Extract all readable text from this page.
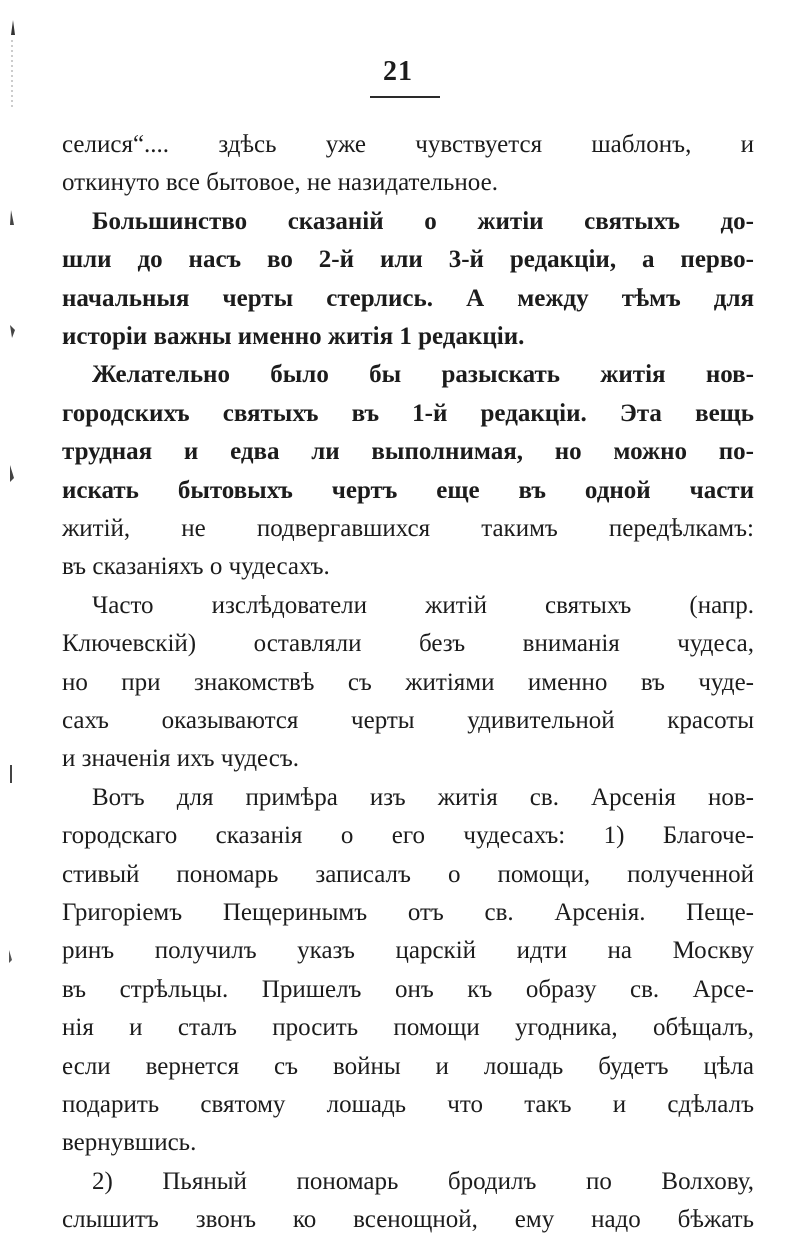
21
селися“.... здѣсь уже чувствуется шаблонъ, и
откинуто все бытовое, не назидательное.
Большинство сказаній о житіи святыхъ до-
шли до насъ во 2-й или 3-й редакціи, а перво-
начальныя черты стерлись. А между тѣмъ для
исторіи важны именно житія 1 редакціи.
Желательно было бы разыскать житія нов-
городскихъ святыхъ въ 1-й редакціи. Эта вещь
трудная и едва ли выполнимая, но можно по-
искать бытовыхъ чертъ еще въ одной части
житій, не подвергавшихся такимъ передѣлкамъ:
въ сказаніяхъ о чудесахъ.
Часто изслѣдователи житій святыхъ (напр.
Ключевскій) оставляли безъ вниманія чудеса,
но при знакомствѣ съ житіями именно въ чуде-
сахъ оказываются черты удивительной красоты
и значенія ихъ чудесъ.
Вотъ для примѣра изъ житія св. Арсенія нов-
городскаго сказанія о его чудесахъ: 1) Благоче-
стивый пономарь записалъ о помощи, полученной
Григоріемъ Пещеринымъ отъ св. Арсенія. Пеще-
ринъ получилъ указъ царскій идти на Москву
въ стрѣльцы. Пришелъ онъ къ образу св. Арсе-
нія и сталъ просить помощи угодника, обѣщалъ,
если вернется съ войны и лошадь будетъ цѣла
подарить святому лошадь что такъ и сдѣлалъ
вернувшись.
2) Пьяный пономарь бродилъ по Волхову,
слышитъ звонъ ко всенощной, ему надо бѣжать
